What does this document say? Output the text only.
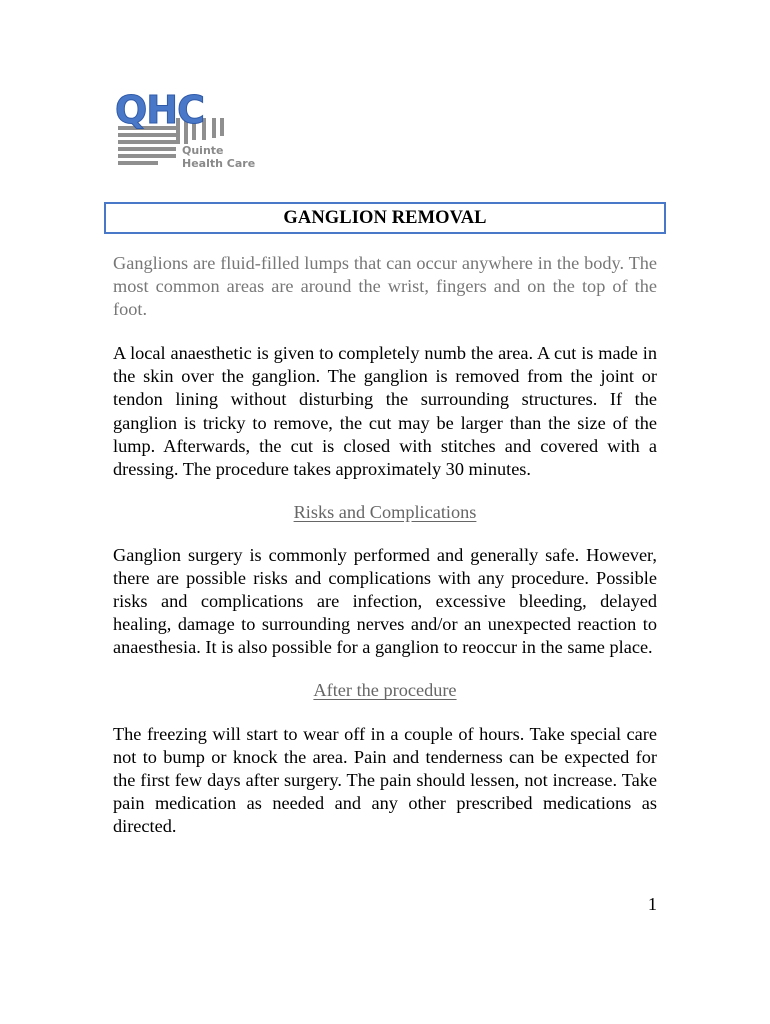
QHC
Quinte
Health Care
GANGLION REMOVAL

Ganglions are fluid-filled lumps that can occur anywhere in the body. The most common areas are around the wrist, fingers and on the top of the foot.

A local anaesthetic is given to completely numb the area. A cut is made in the skin over the ganglion. The ganglion is removed from the joint or tendon lining without disturbing the surrounding structures. If the ganglion is tricky to remove, the cut may be larger than the size of the lump. Afterwards, the cut is closed with stitches and covered with a dressing. The procedure takes approximately 30 minutes.

Risks and Complications

Ganglion surgery is commonly performed and generally safe. However, there are possible risks and complications with any procedure. Possible risks and complications are infection, excessive bleeding, delayed healing, damage to surrounding nerves and/or an unexpected reaction to anaesthesia. It is also possible for a ganglion to reoccur in the same place.

After the procedure

The freezing will start to wear off in a couple of hours. Take special care not to bump or knock the area. Pain and tenderness can be expected for the first few days after surgery. The pain should lessen, not increase. Take pain medication as needed and any other prescribed medications as directed.

1
